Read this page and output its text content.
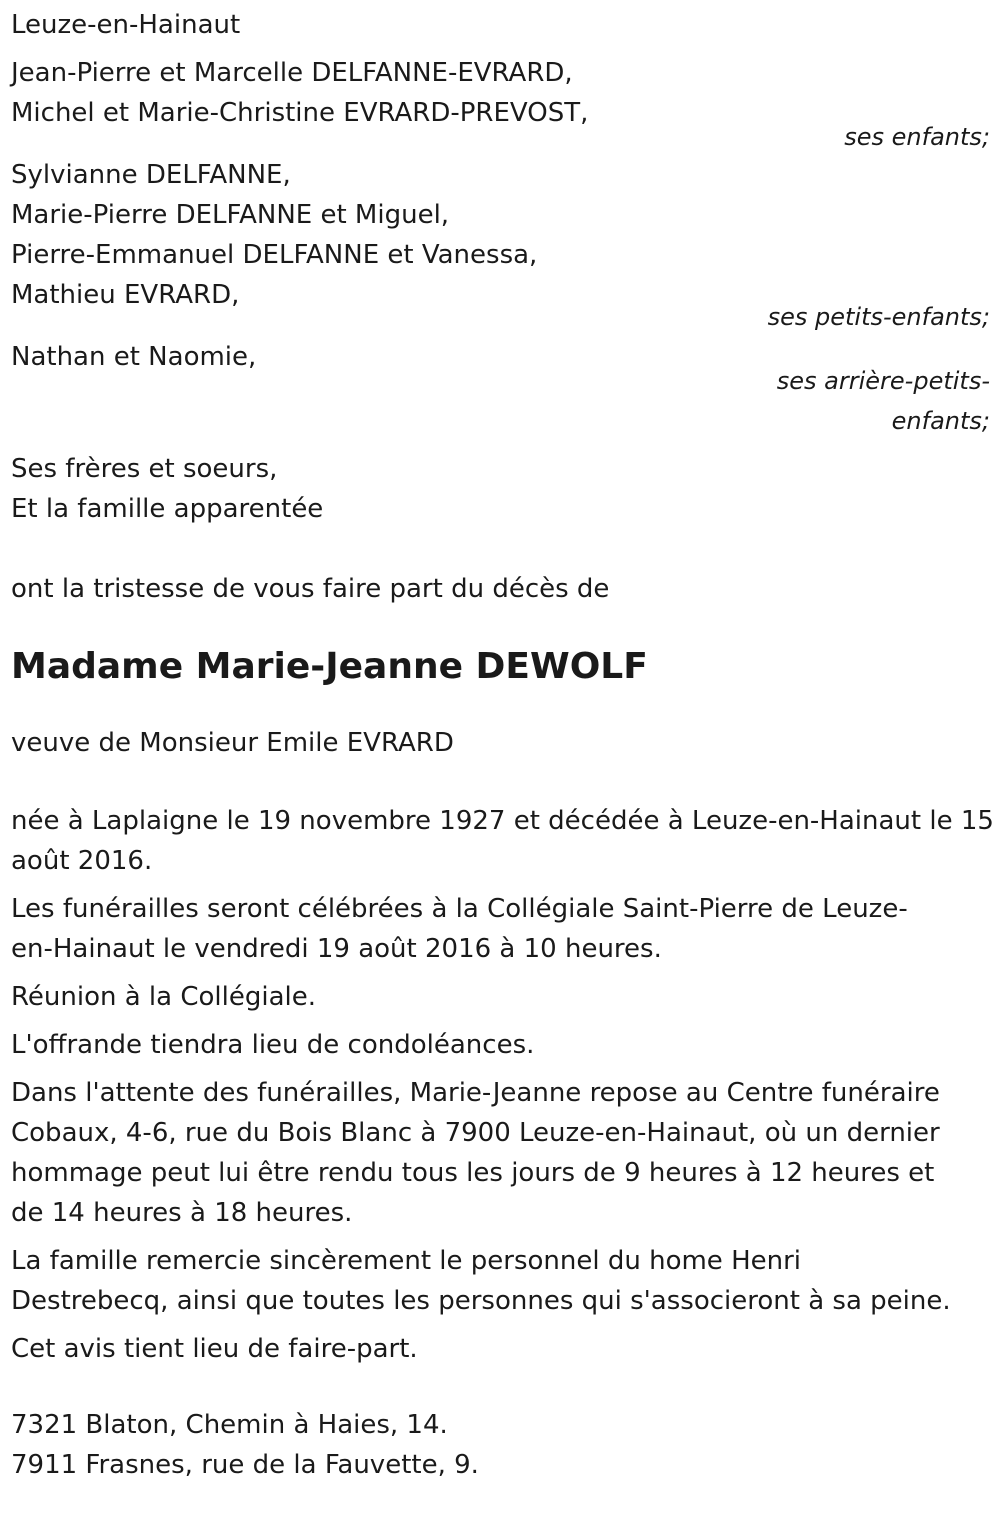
Leuze-en-Hainaut
Jean-Pierre et Marcelle DELFANNE-EVRARD,
Michel et Marie-Christine EVRARD-PREVOST,
ses enfants;
Sylvianne DELFANNE,
Marie-Pierre DELFANNE et Miguel,
Pierre-Emmanuel DELFANNE et Vanessa,
Mathieu EVRARD,
ses petits-enfants;
Nathan et Naomie,
ses arrière-petits-
enfants;
Ses frères et soeurs,
Et la famille apparentée
ont la tristesse de vous faire part du décès de
Madame Marie-Jeanne DEWOLF
veuve de Monsieur Emile EVRARD
née à Laplaigne le 19 novembre 1927 et décédée à Leuze-en-Hainaut le 15
août 2016.
Les funérailles seront célébrées à la Collégiale Saint-Pierre de Leuze-
en-Hainaut le vendredi 19 août 2016 à 10 heures.
Réunion à la Collégiale.
L'offrande tiendra lieu de condoléances.
Dans l'attente des funérailles, Marie-Jeanne repose au Centre funéraire
Cobaux, 4-6, rue du Bois Blanc à 7900 Leuze-en-Hainaut, où un dernier
hommage peut lui être rendu tous les jours de 9 heures à 12 heures et
de 14 heures à 18 heures.
La famille remercie sincèrement le personnel du home Henri
Destrebecq, ainsi que toutes les personnes qui s'associeront à sa peine.
Cet avis tient lieu de faire-part.
7321 Blaton, Chemin à Haies, 14.
7911 Frasnes, rue de la Fauvette, 9.
